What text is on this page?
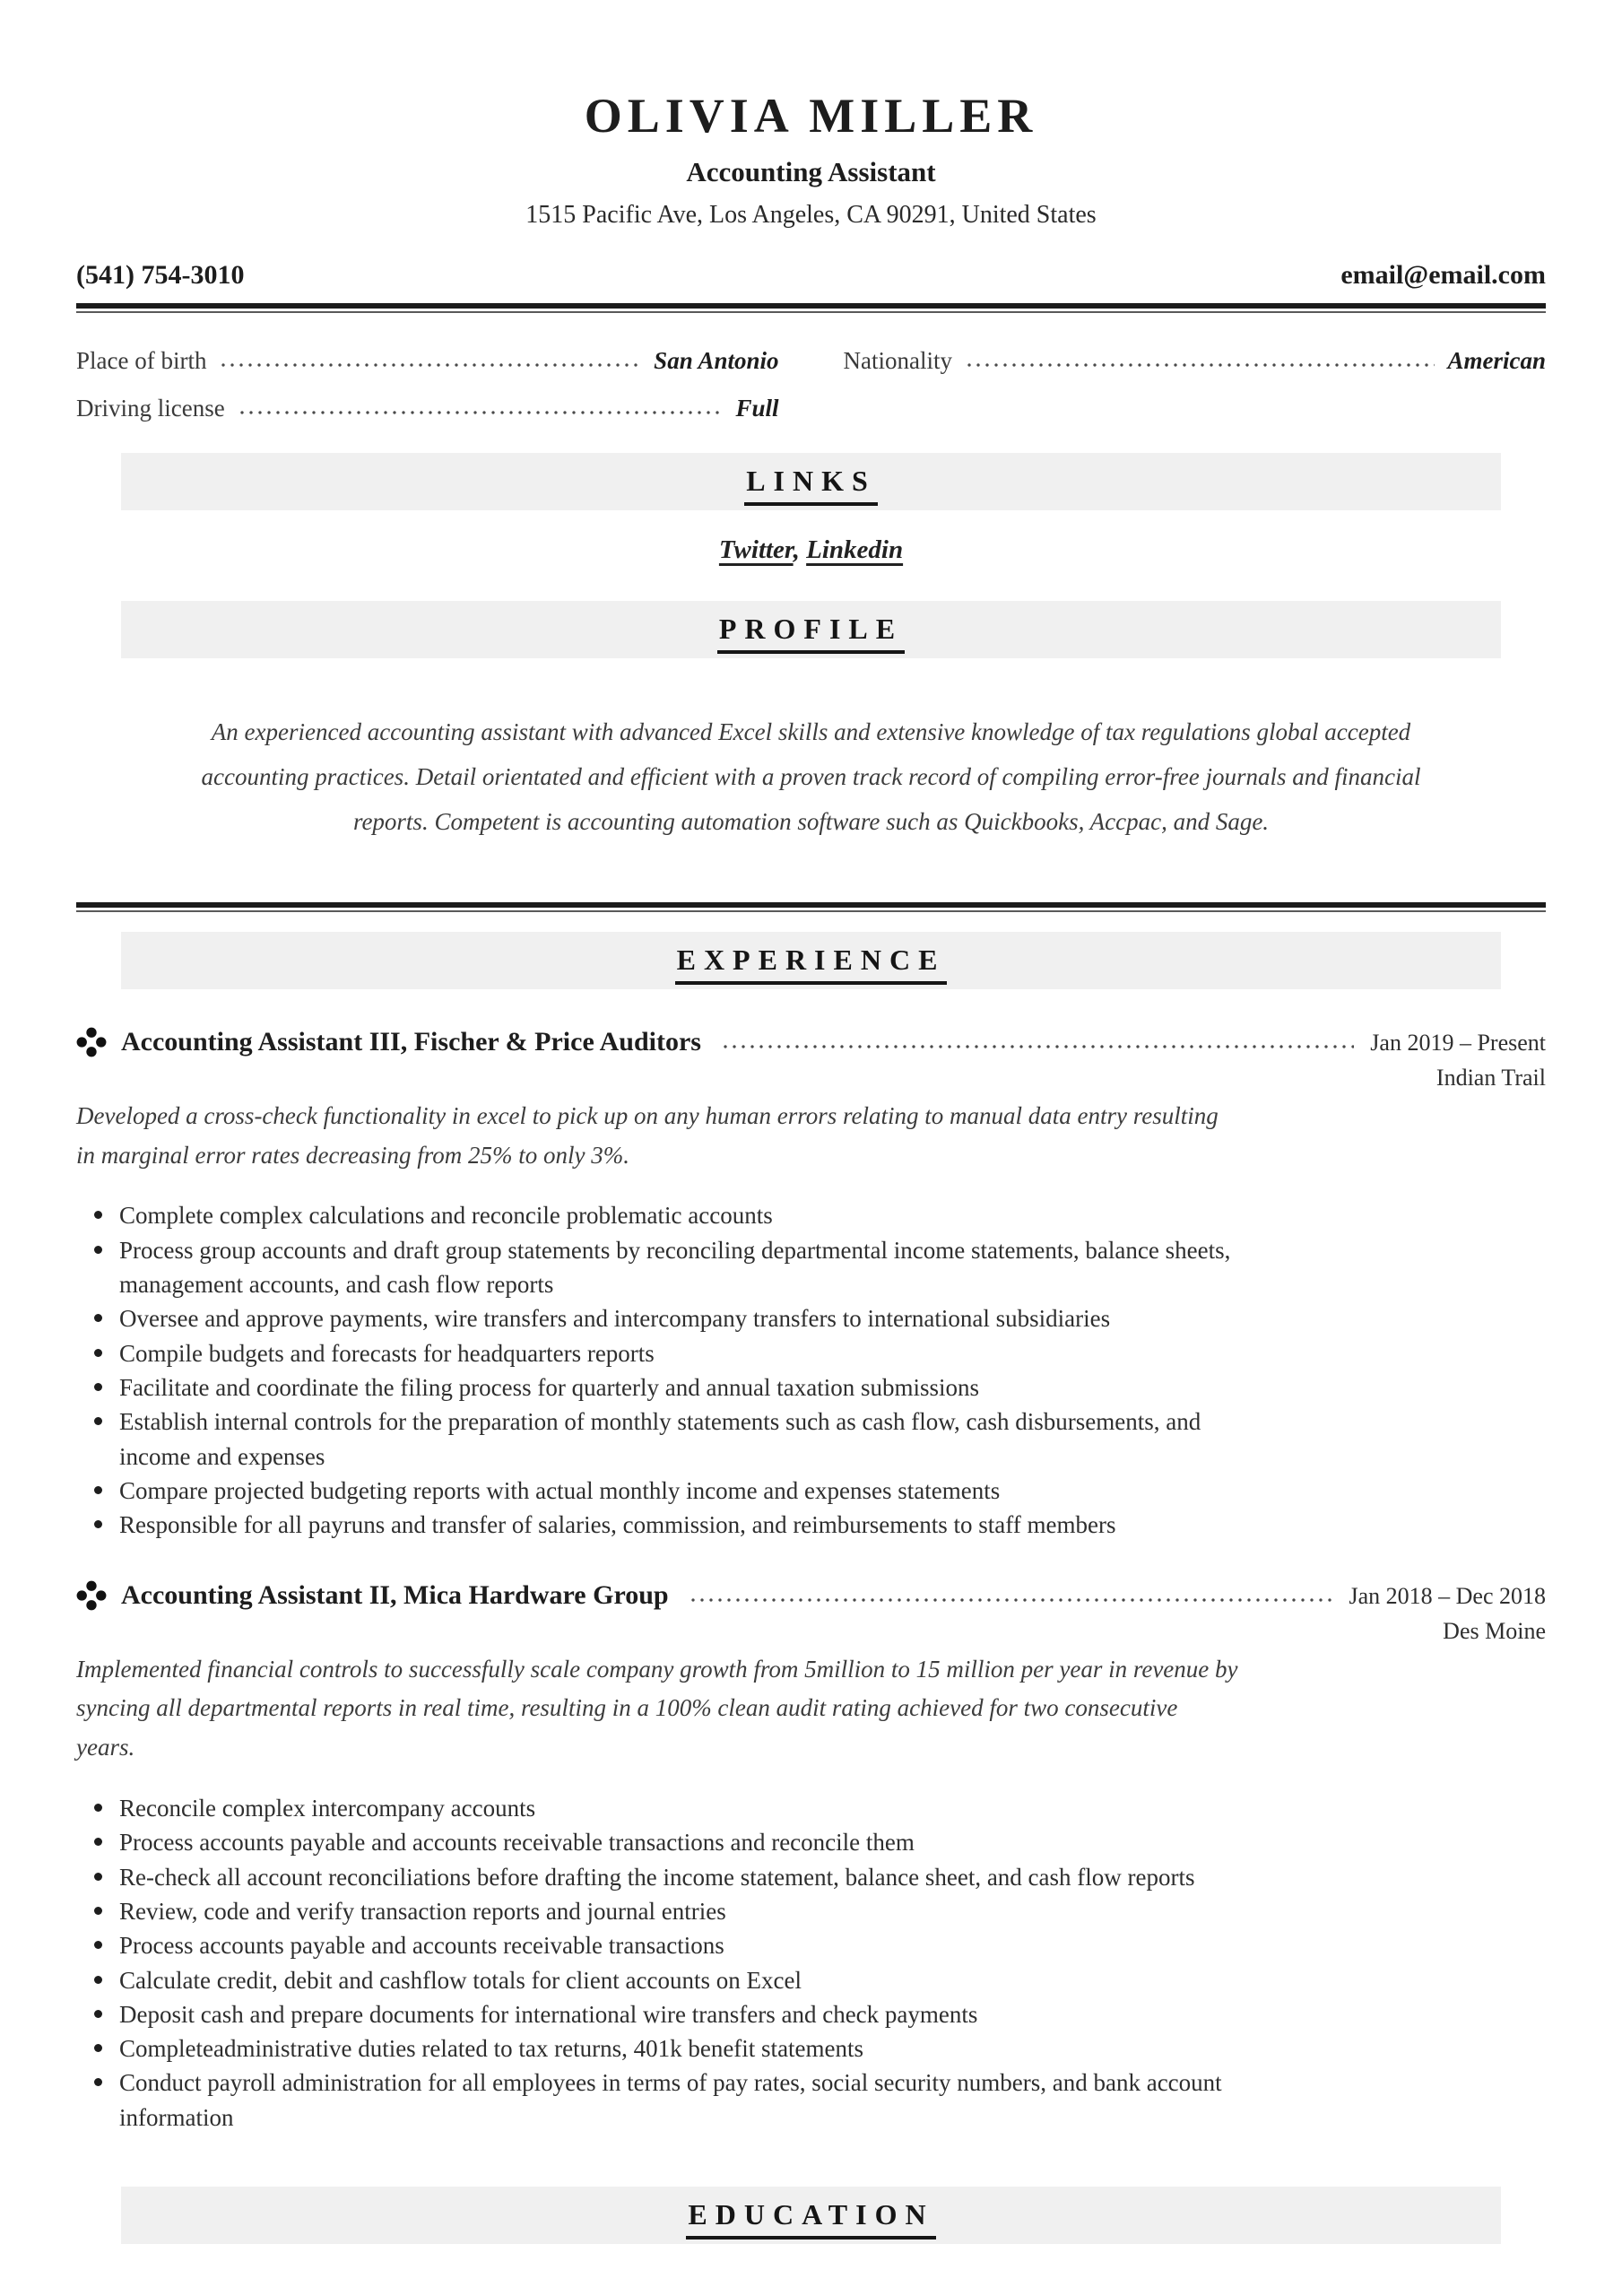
OLIVIA MILLER
Accounting Assistant
1515 Pacific Ave, Los Angeles, CA 90291, United States
(541) 754-3010	email@email.com
Place of birth	San Antonio	Nationality	American
Driving license	Full
LINKS
Twitter, Linkedin
PROFILE

An experienced accounting assistant with advanced Excel skills and extensive knowledge of tax regulations global accepted accounting practices. Detail orientated and efficient with a proven track record of compiling error-free journals and financial reports. Competent is accounting automation software such as Quickbooks, Accpac, and Sage.

EXPERIENCE
Accounting Assistant III, Fischer & Price Auditors	Jan 2019 – Present
Indian Trail

Developed a cross-check functionality in excel to pick up on any human errors relating to manual data entry resulting in marginal error rates decreasing from 25% to only 3%.

Complete complex calculations and reconcile problematic accounts
Process group accounts and draft group statements by reconciling departmental income statements, balance sheets, management accounts, and cash flow reports
Oversee and approve payments, wire transfers and intercompany transfers to international subsidiaries
Compile budgets and forecasts for headquarters reports
Facilitate and coordinate the filing process for quarterly and annual taxation submissions
Establish internal controls for the preparation of monthly statements such as cash flow, cash disbursements, and income and expenses
Compare projected budgeting reports with actual monthly income and expenses statements
Responsible for all payruns and transfer of salaries, commission, and reimbursements to staff members
Accounting Assistant II, Mica Hardware Group	Jan 2018 – Dec 2018
Des Moine

Implemented financial controls to successfully scale company growth from 5million to 15 million per year in revenue by syncing all departmental reports in real time, resulting in a 100% clean audit rating achieved for two consecutive years.

Reconcile complex intercompany accounts
Process accounts payable and accounts receivable transactions and reconcile them
Re-check all account reconciliations before drafting the income statement, balance sheet, and cash flow reports
Review, code and verify transaction reports and journal entries
Process accounts payable and accounts receivable transactions
Calculate credit, debit and cashflow totals for client accounts on Excel
Deposit cash and prepare documents for international wire transfers and check payments
Completeadministrative duties related to tax returns, 401k benefit statements
Conduct payroll administration for all employees in terms of pay rates, social security numbers, and bank account information
EDUCATION
